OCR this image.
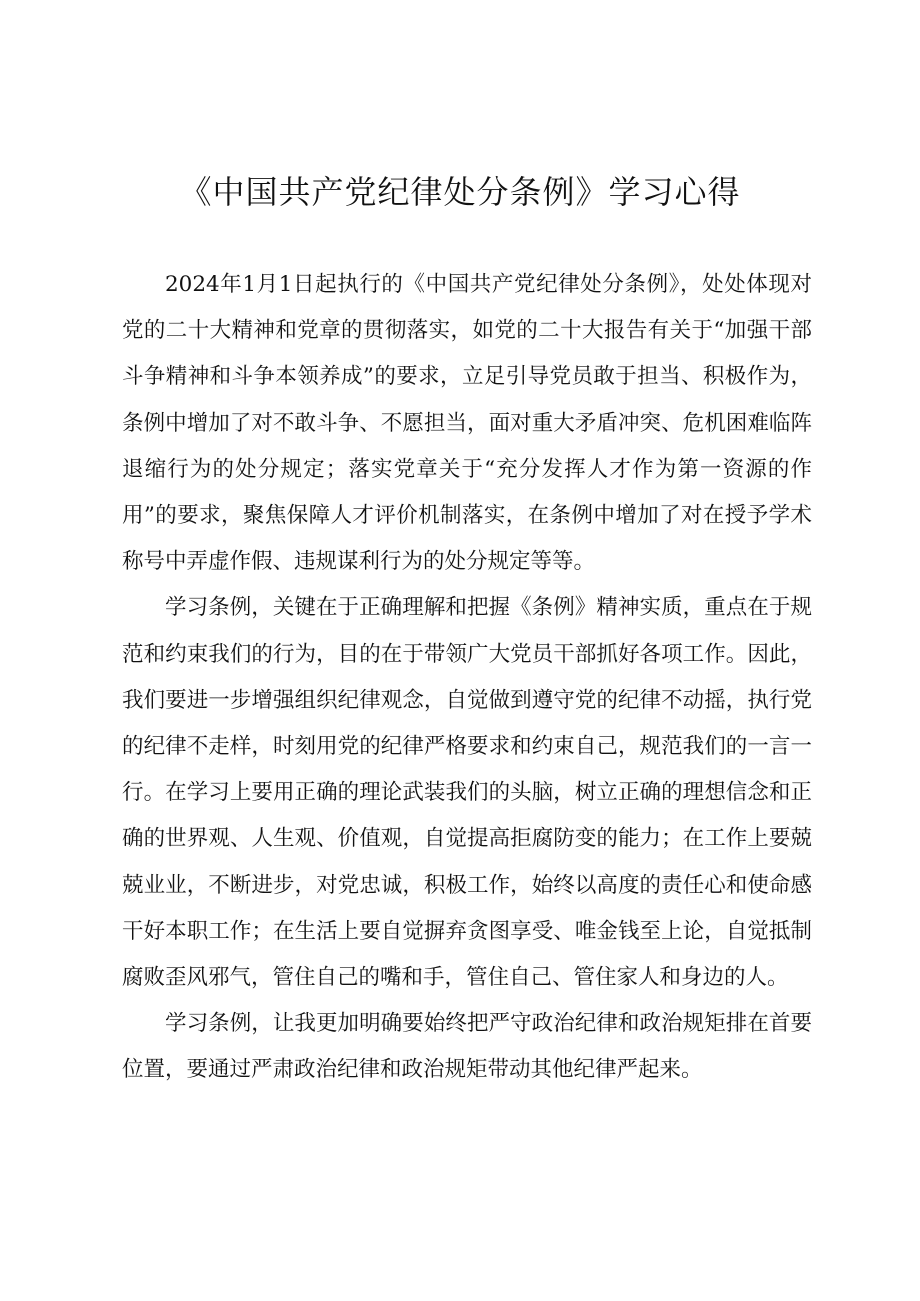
《中国共产党纪律处分条例》学习心得

2024年1月1日起执行的《中国共产党纪律处分条例》，处处体现对党的二十大精神和党章的贯彻落实，如党的二十大报告有关于“加强干部斗争精神和斗争本领养成”的要求，立足引导党员敢于担当、积极作为，条例中增加了对不敢斗争、不愿担当，面对重大矛盾冲突、危机困难临阵退缩行为的处分规定；落实党章关于“充分发挥人才作为第一资源的作用”的要求，聚焦保障人才评价机制落实，在条例中增加了对在授予学术称号中弄虚作假、违规谋利行为的处分规定等等。

学习条例，关键在于正确理解和把握《条例》精神实质，重点在于规范和约束我们的行为，目的在于带领广大党员干部抓好各项工作。因此，我们要进一步增强组织纪律观念，自觉做到遵守党的纪律不动摇，执行党的纪律不走样，时刻用党的纪律严格要求和约束自己，规范我们的一言一行。在学习上要用正确的理论武装我们的头脑，树立正确的理想信念和正确的世界观、人生观、价值观，自觉提高拒腐防变的能力；在工作上要兢兢业业，不断进步，对党忠诚，积极工作，始终以高度的责任心和使命感干好本职工作；在生活上要自觉摒弃贪图享受、唯金钱至上论，自觉抵制腐败歪风邪气，管住自己的嘴和手，管住自己、管住家人和身边的人。

学习条例，让我更加明确要始终把严守政治纪律和政治规矩排在首要位置，要通过严肃政治纪律和政治规矩带动其他纪律严起来。
